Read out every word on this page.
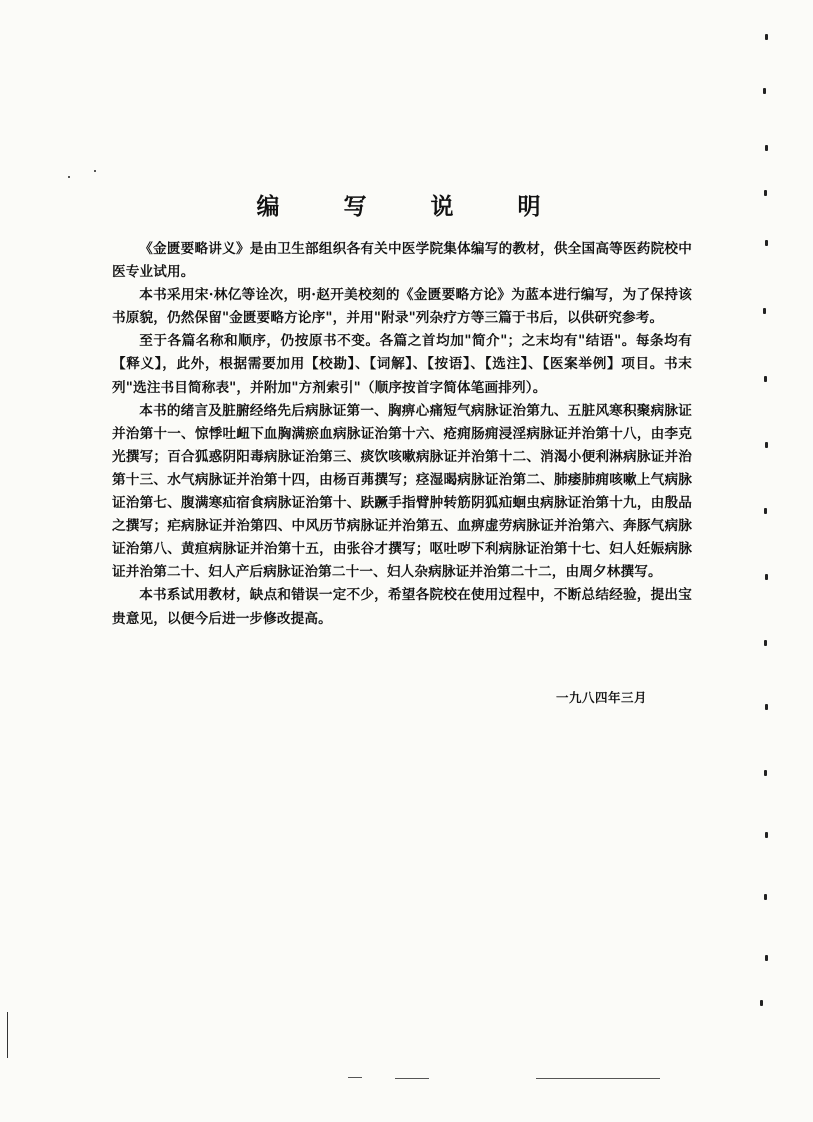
编 写 说 明

《金匮要略讲义》是由卫生部组织各有关中医学院集体编写的教材，供全国高等医药院校中医专业试用。

本书采用宋·林亿等诠次，明·赵开美校刻的《金匮要略方论》为蓝本进行编写，为了保持该书原貌，仍然保留"金匮要略方论序"，并用"附录"列杂疗方等三篇于书后，以供研究参考。

至于各篇名称和顺序，仍按原书不变。各篇之首均加"简介"；之末均有"结语"。每条均有【释义】，此外，根据需要加用【校勘】、【词解】、【按语】、【选注】、【医案举例】项目。书末列"选注书目简称表"，并附加"方剂索引"（顺序按首字简体笔画排列）。

本书的绪言及脏腑经络先后病脉证第一、胸痹心痛短气病脉证治第九、五脏风寒积聚病脉证并治第十一、惊悸吐衄下血胸满瘀血病脉证治第十六、疮痈肠痈浸淫病脉证并治第十八，由李克光撰写；百合狐惑阴阳毒病脉证治第三、痰饮咳嗽病脉证并治第十二、消渴小便利淋病脉证并治第十三、水气病脉证并治第十四，由杨百茀撰写；痉湿暍病脉证治第二、肺痿肺痈咳嗽上气病脉证治第七、腹满寒疝宿食病脉证治第十、趺蹶手指臂肿转筋阴狐疝蛔虫病脉证治第十九，由殷品之撰写；疟病脉证并治第四、中风历节病脉证并治第五、血痹虚劳病脉证并治第六、奔豚气病脉证治第八、黄疸病脉证并治第十五，由张谷才撰写；呕吐哕下利病脉证治第十七、妇人妊娠病脉证并治第二十、妇人产后病脉证治第二十一、妇人杂病脉证并治第二十二，由周夕林撰写。

本书系试用教材，缺点和错误一定不少，希望各院校在使用过程中，不断总结经验，提出宝贵意见，以便今后进一步修改提高。

一九八四年三月
